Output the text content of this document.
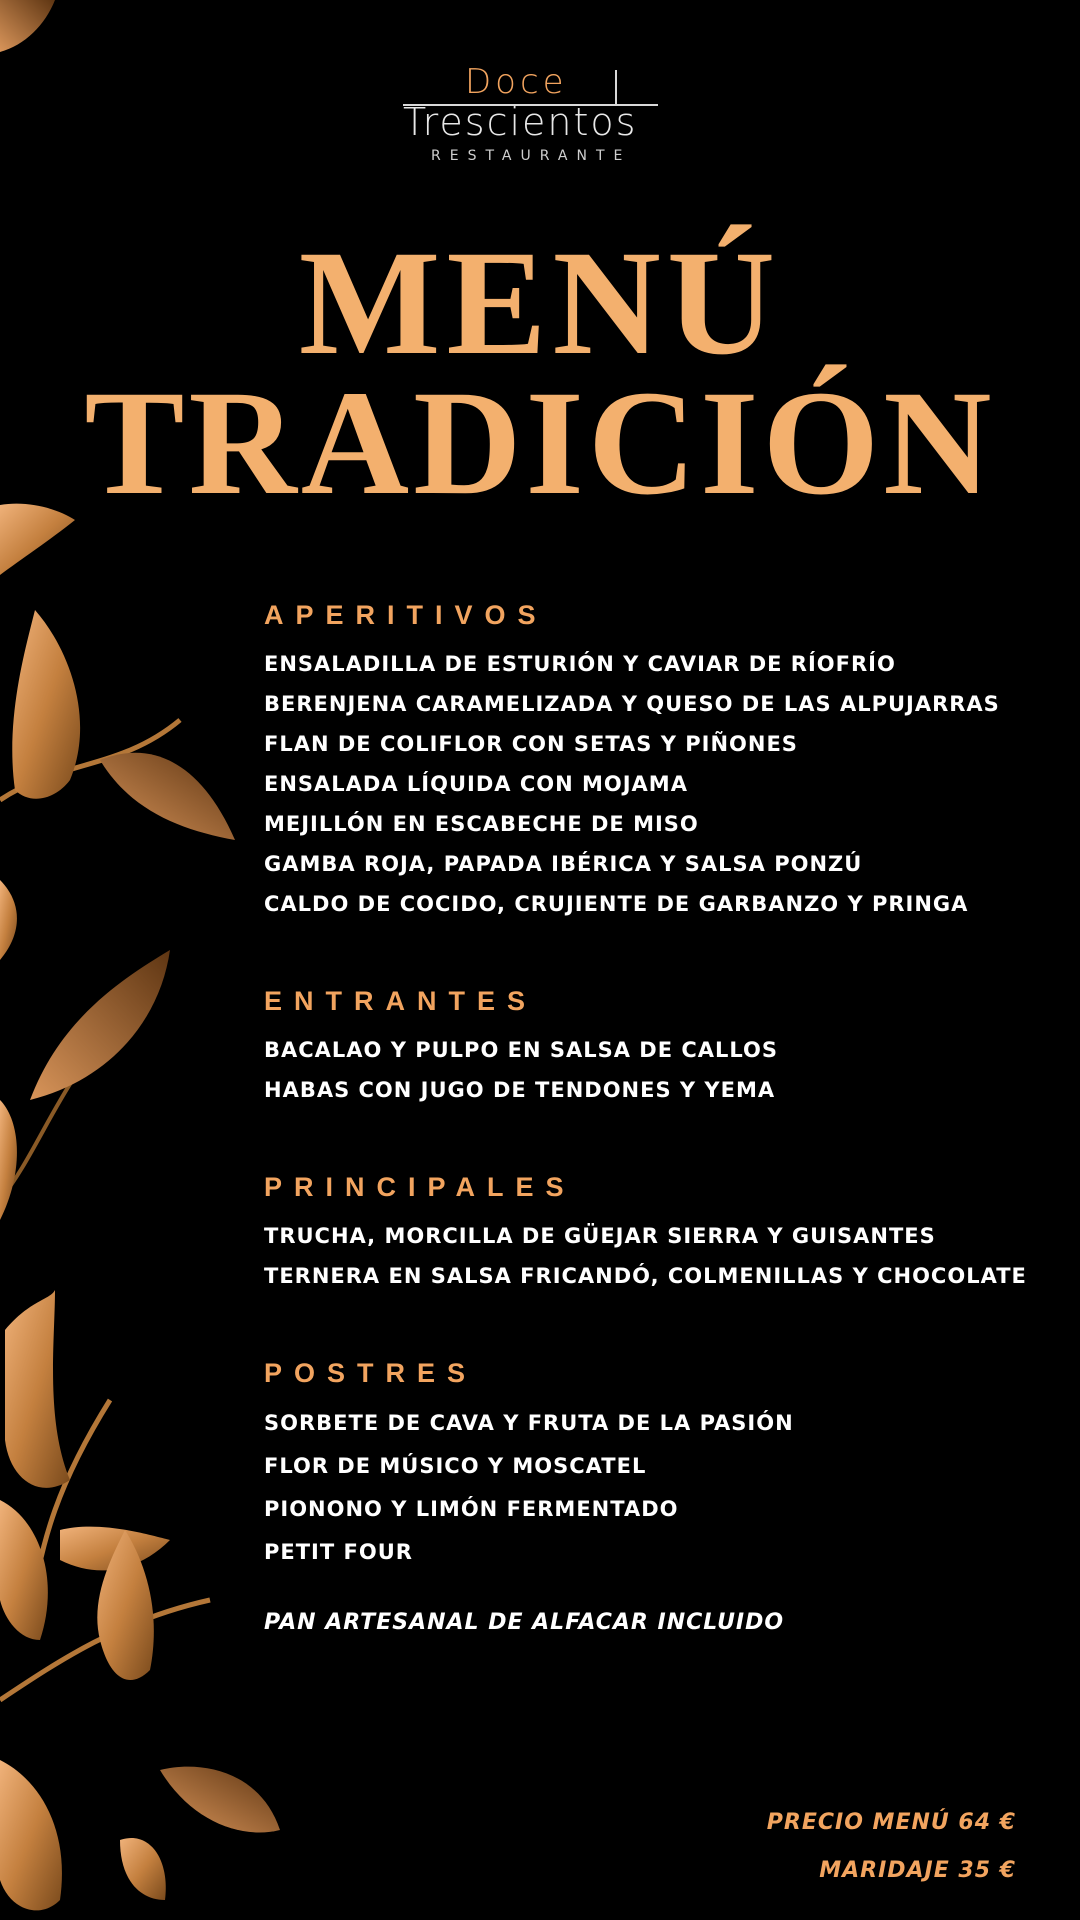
Doce
Trescientos
RESTAURANTE
MENÚ
TRADICIÓN
APERITIVOS
ENSALADILLA DE ESTURIÓN Y CAVIAR DE RÍOFRÍO
BERENJENA CARAMELIZADA Y QUESO DE LAS ALPUJARRAS
FLAN DE COLIFLOR CON SETAS Y PIÑONES
ENSALADA LÍQUIDA CON MOJAMA
MEJILLÓN EN ESCABECHE DE MISO
GAMBA ROJA, PAPADA IBÉRICA Y SALSA PONZÚ
CALDO DE COCIDO, CRUJIENTE DE GARBANZO Y PRINGA
ENTRANTES
BACALAO Y PULPO EN SALSA DE CALLOS
HABAS CON JUGO DE TENDONES Y YEMA
PRINCIPALES
TRUCHA, MORCILLA DE GÜEJAR SIERRA Y GUISANTES
TERNERA EN SALSA FRICANDÓ, COLMENILLAS Y CHOCOLATE
POSTRES
SORBETE DE CAVA Y FRUTA DE LA PASIÓN
FLOR DE MÚSICO Y MOSCATEL
PIONONO Y LIMÓN FERMENTADO
PETIT FOUR
PAN ARTESANAL DE ALFACAR INCLUIDO
PRECIO MENÚ 64 €
MARIDAJE 35 €
